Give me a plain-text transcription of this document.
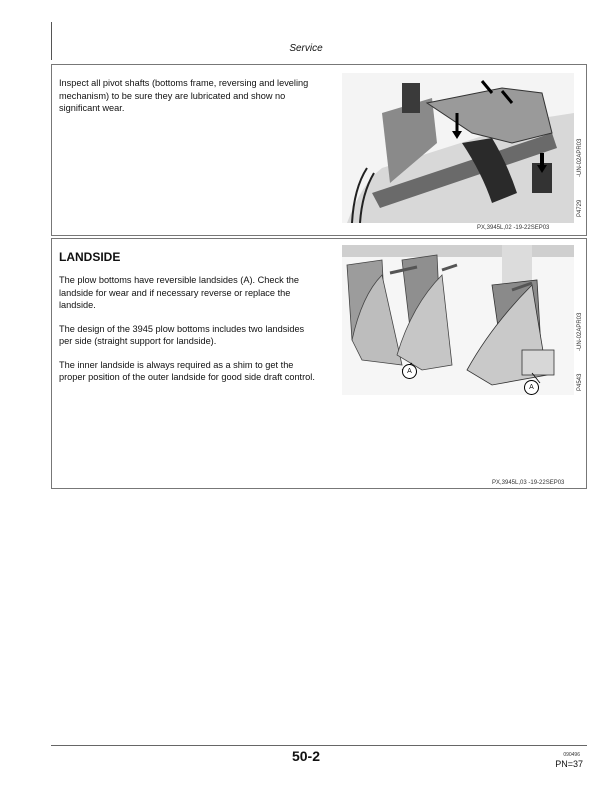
Service
Inspect all pivot shafts (bottoms frame, reversing and leveling mechanism) to be sure they are lubricated and show no significant wear.
-UN-02APR03
P4729
PX,3945L,02 -19-22SEP03
LANDSIDE

The plow bottoms have reversible landsides (A). Check the landside for wear and if necessary reverse or replace the landside.

The design of the 3945 plow bottoms includes two landsides per side (straight support for landside).

The inner landside is always required as a shim to get the proper position of the outer landside for good side draft control.

A
A
-UN-02APR03
P4543
PX,3945L,03 -19-22SEP03
50-2	090496
PN=37
